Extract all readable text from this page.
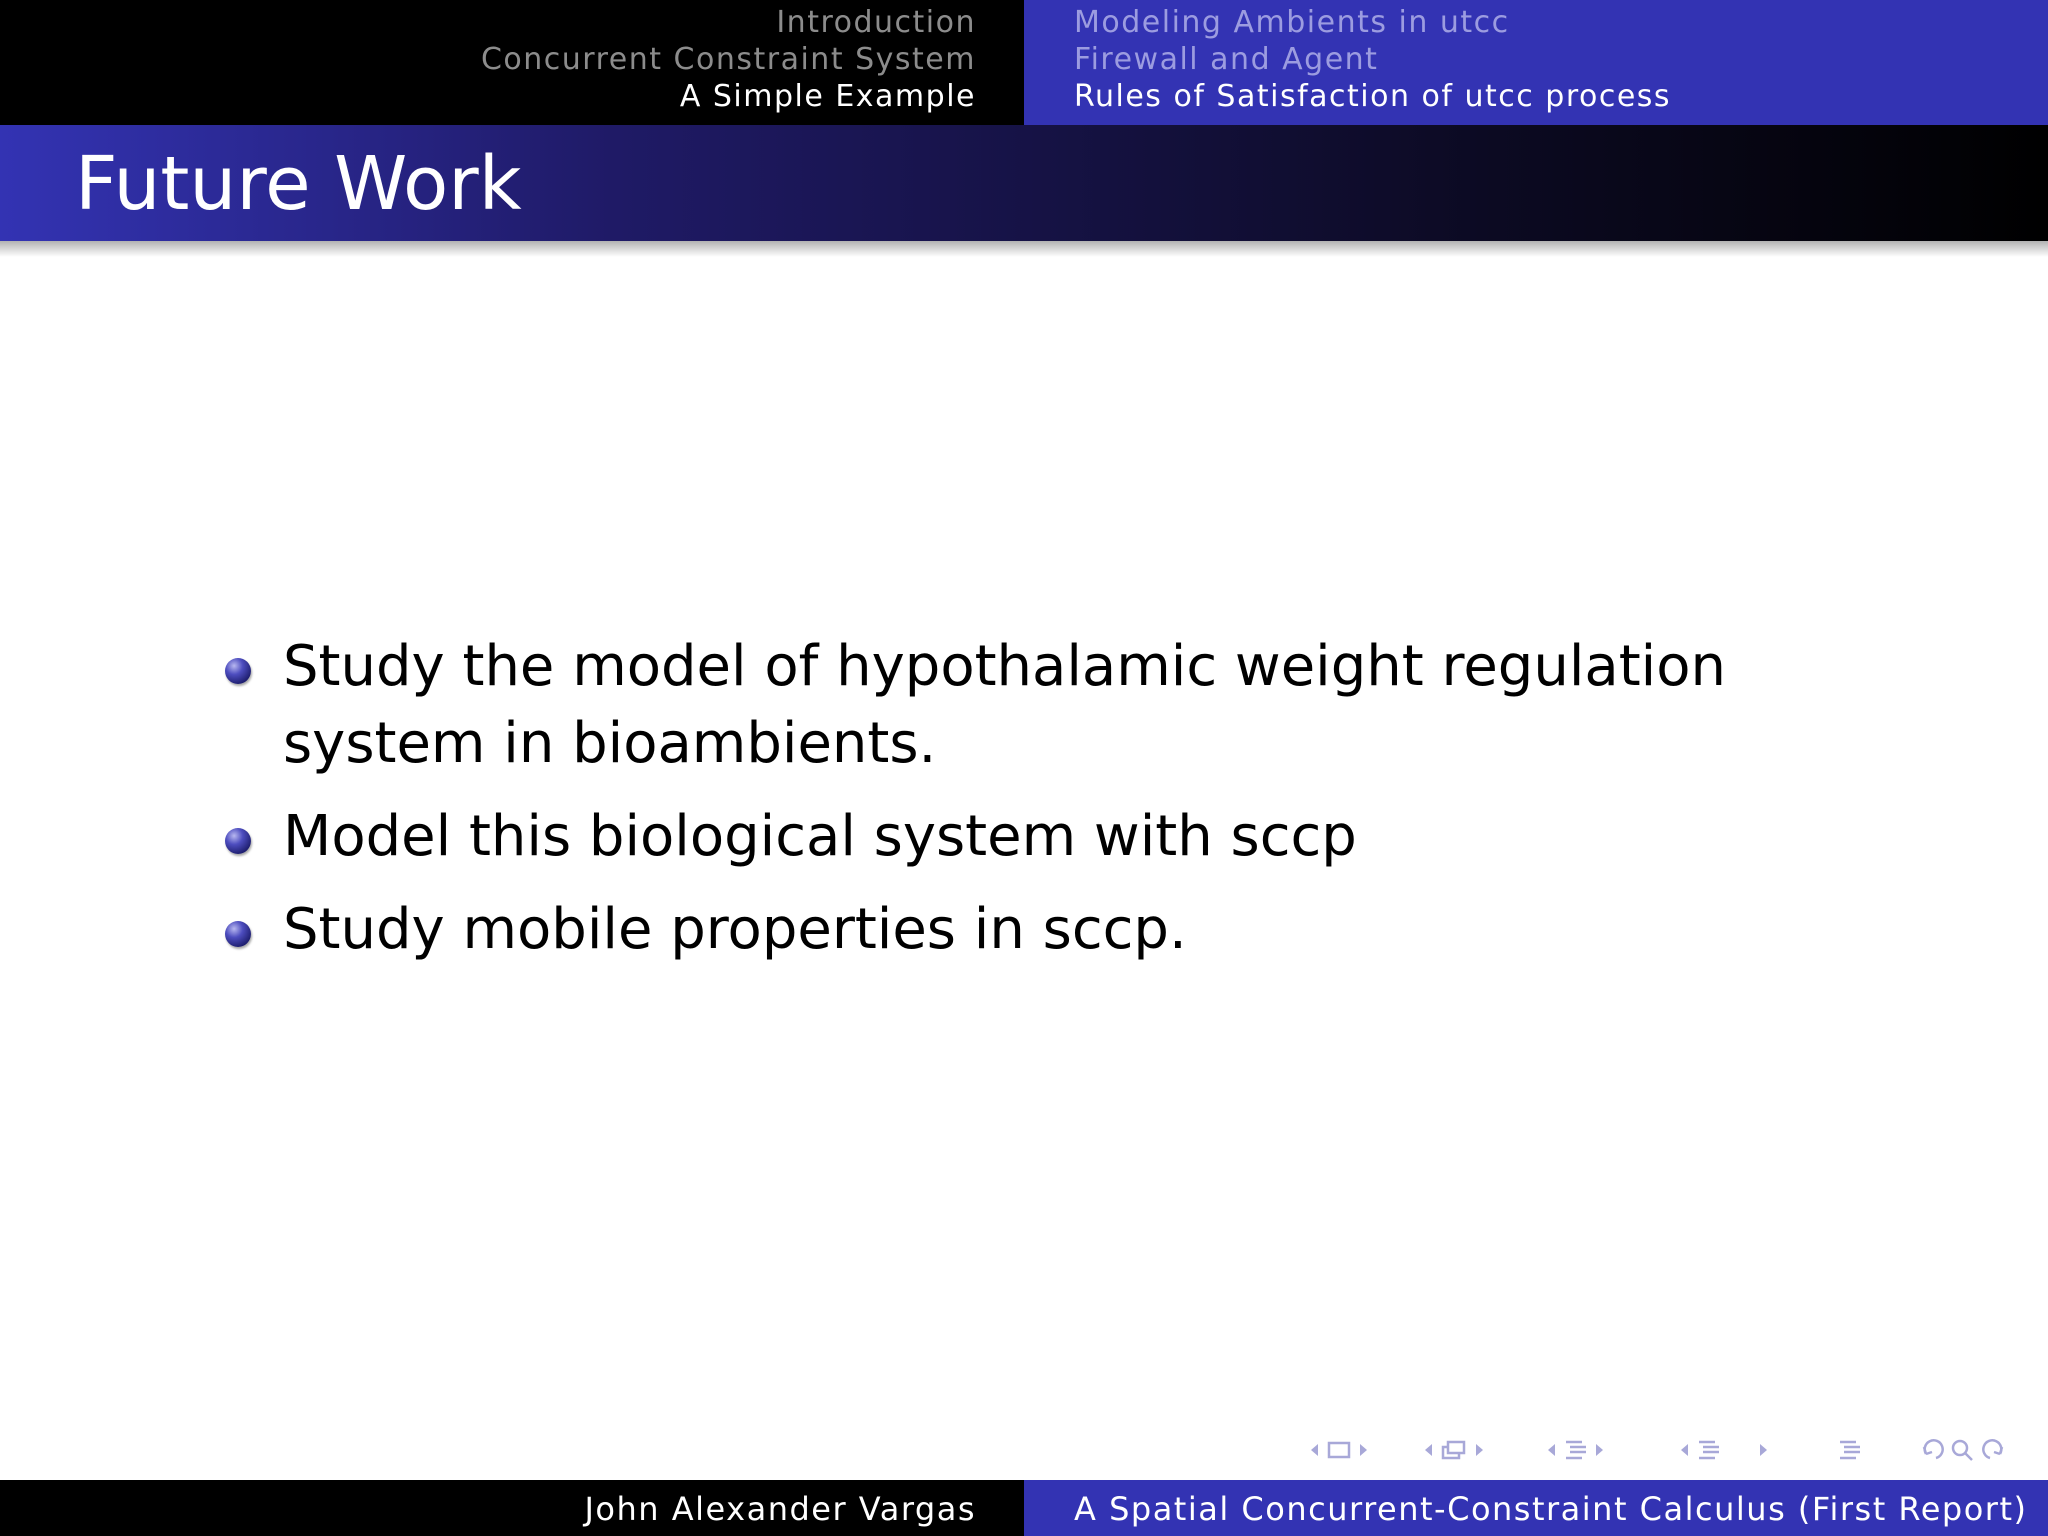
Introduction
Concurrent Constraint System
A Simple Example
Modeling Ambients in utcc
Firewall and Agent
Rules of Satisfaction of utcc process
Future Work
Study the model of hypothalamic weight regulation system in bioambients.
Model this biological system with sccp
Study mobile properties in sccp.
John Alexander Vargas	A Spatial Concurrent-Constraint Calculus (First Report)
